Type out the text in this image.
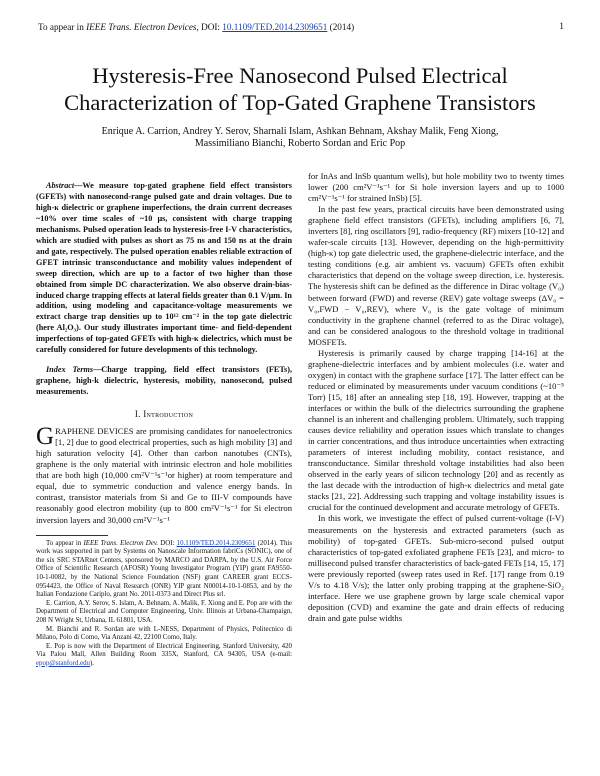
To appear in IEEE Trans. Electron Devices, DOI: 10.1109/TED.2014.2309651 (2014)	1
Hysteresis-Free Nanosecond Pulsed Electrical
Characterization of Top-Gated Graphene Transistors
Enrique A. Carrion, Andrey Y. Serov, Sharnali Islam, Ashkan Behnam, Akshay Malik, Feng Xiong,
Massimiliano Bianchi, Roberto Sordan and Eric Pop

Abstract—We measure top-gated graphene field effect transistors (GFETs) with nanosecond-range pulsed gate and drain voltages. Due to high-κ dielectric or graphene imperfections, the drain current decreases ~10% over time scales of ~10 μs, consistent with charge trapping mechanisms. Pulsed operation leads to hysteresis-free I-V characteristics, which are studied with pulses as short as 75 ns and 150 ns at the drain and gate, respectively. The pulsed operation enables reliable extraction of GFET intrinsic transconductance and mobility values independent of sweep direction, which are up to a factor of two higher than those obtained from simple DC characterization. We also observe drain-bias-induced charge trapping effects at lateral fields greater than 0.1 V/μm. In addition, using modeling and capacitance-voltage measurements we extract charge trap densities up to 10¹² cm⁻² in the top gate dielectric (here Al₂O₃). Our study illustrates important time- and field-dependent imperfections of top-gated GFETs with high-κ dielectrics, which must be carefully considered for future developments of this technology.

Index Terms—Charge trapping, field effect transistors (FETs), graphene, high-k dielectric, hysteresis, mobility, nanosecond, pulsed measurements.

I. Introduction

GRAPHENE DEVICES are promising candidates for nanoelectronics [1, 2] due to good electrical properties, such as high mobility [3] and high saturation velocity [4]. Other than carbon nanotubes (CNTs), graphene is the only material with intrinsic electron and hole mobilities that are both high (10,000 cm²V⁻¹s⁻¹or higher) at room temperature and equal, due to symmetric conduction and valence energy bands. In contrast, transistor materials from Si and Ge to III-V compounds have reasonably good electron mobility (up to 800 cm²V⁻¹s⁻¹ for Si electron inversion layers and 30,000 cm²V⁻¹s⁻¹

To appear in IEEE Trans. Electron Dev. DOI: 10.1109/TED.2014.2309651 (2014). This work was supported in part by Systems on Nanoscale Information fabriCs (SONIC), one of the six SRC STARnet Centers, sponsored by MARCO and DARPA, by the U.S. Air Force Office of Scientific Research (AFOSR) Young Investigator Program (YIP) grant FA9550-10-1-0082, by the National Science Foundation (NSF) grant CAREER grant ECCS-0954423, the Office of Naval Research (ONR) YIP grant N00014-10-1-0853, and by the Italian Fondazione Cariplo, grant No. 2011-0373 and Direct Plus srl.

E. Carrion, A.Y. Serov, S. Islam, A. Behnam, A. Malik, F. Xiong and E. Pop are with the Department of Electrical and Computer Engineering, Univ. Illinois at Urbana-Champaign, 208 N Wright St, Urbana, IL 61801, USA.

M. Bianchi and R. Sordan are with L-NESS, Department of Physics, Politecnico di Milano, Polo di Como, Via Anzani 42, 22100 Como, Italy.

E. Pop is now with the Department of Electrical Engineering, Stanford University, 420 Via Palou Mall, Allen Building Room 335X, Stanford, CA 94305, USA (e-mail: epop@stanford.edu).

for InAs and InSb quantum wells), but hole mobility two to twenty times lower (200 cm²V⁻¹s⁻¹ for Si hole inversion layers and up to 1000 cm²V⁻¹s⁻¹ for strained InSb) [5].

In the past few years, practical circuits have been demonstrated using graphene field effect transistors (GFETs), including amplifiers [6, 7], inverters [8], ring oscillators [9], radio-frequency (RF) mixers [10-12] and wafer-scale circuits [13]. However, depending on the high-permittivity (high-κ) top gate dielectric used, the graphene-dielectric interface, and the testing conditions (e.g. air ambient vs. vacuum) GFETs often exhibit characteristics that depend on the voltage sweep direction, i.e. hysteresis. The hysteresis shift can be defined as the difference in Dirac voltage (V₀) between forward (FWD) and reverse (REV) gate voltage sweeps (ΔV₀ = V₀,FWD − V₀,REV), where V₀ is the gate voltage of minimum conductivity in the graphene channel (referred to as the Dirac voltage), and can be considered analogous to the threshold voltage in traditional MOSFETs.

Hysteresis is primarily caused by charge trapping [14-16] at the graphene-dielectric interfaces and by ambient molecules (i.e. water and oxygen) in contact with the graphene surface [17]. The latter effect can be reduced or eliminated by measurements under vacuum conditions (~10⁻⁵ Torr) [15, 18] after an annealing step [18, 19]. However, trapping at the interfaces or within the bulk of the dielectrics surrounding the graphene channel is an inherent and challenging problem. Ultimately, such trapping causes device reliability and operation issues which translate to changes in carrier concentrations, and thus introduce uncertainties when extracting parameters of interest including mobility, contact resistance, and transconductance. Similar threshold voltage instabilities had also been observed in the early years of silicon technology [20] and as recently as the last decade with the introduction of high-κ dielectrics and metal gate stacks [21, 22]. Addressing such trapping and voltage instability issues is crucial for the continued development and accurate metrology of GFETs.

In this work, we investigate the effect of pulsed current-voltage (I-V) measurements on the hysteresis and extracted parameters (such as mobility) of top-gated GFETs. Sub-micro-second pulsed output characteristics of top-gated exfoliated graphene FETs [23], and micro- to millisecond pulsed transfer characteristics of back-gated FETs [14, 15, 17] were previously reported (sweep rates used in Ref. [17] range from 0.19 V/s to 4.18 V/s); the latter only probing trapping at the graphene-SiO₂ interface. Here we use graphene grown by large scale chemical vapor deposition (CVD) and examine the gate and drain effects of reducing drain and gate pulse widths
